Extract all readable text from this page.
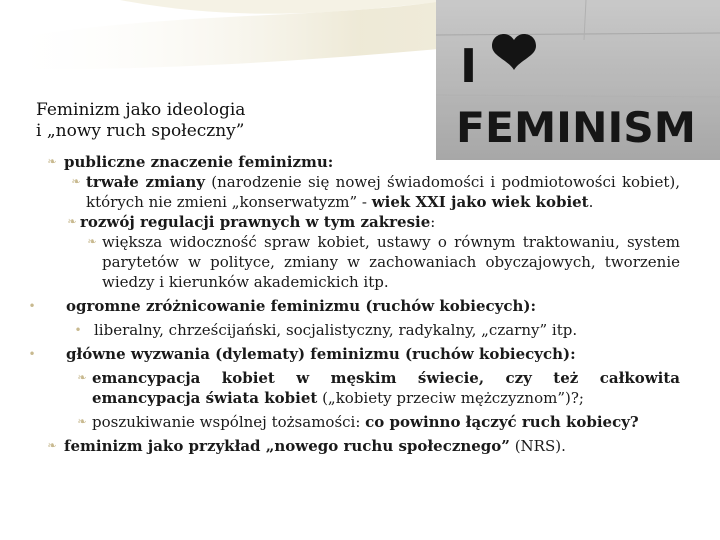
Feminizm jako ideologia
i „nowy ruch społeczny”
I
FEMINISM
❧ publiczne znaczenie feminizmu:
❧ trwałe zmiany (narodzenie się nowej świadomości i podmiotowości kobiet), których nie zmieni „konserwatyzm” - wiek XXI jako wiek kobiet.
❧ rozwój regulacji prawnych w tym zakresie:
❧ większa widoczność spraw kobiet, ustawy o równym traktowaniu, system parytetów w polityce, zmiany w zachowaniach obyczajowych, tworzenie wiedzy i kierunków akademickich itp.
• ogromne zróżnicowanie feminizmu (ruchów kobiecych):
• liberalny, chrześcijański, socjalistyczny, radykalny, „czarny” itp.
• główne wyzwania (dylematy) feminizmu (ruchów kobiecych):
❧ emancypacja kobiet w męskim świecie, czy też całkowita emancypacja świata kobiet („kobiety przeciw mężczyznom”)?;
❧ poszukiwanie wspólnej tożsamości: co powinno łączyć ruch kobiecy?
❧ feminizm jako przykład „nowego ruchu społecznego” (NRS).
